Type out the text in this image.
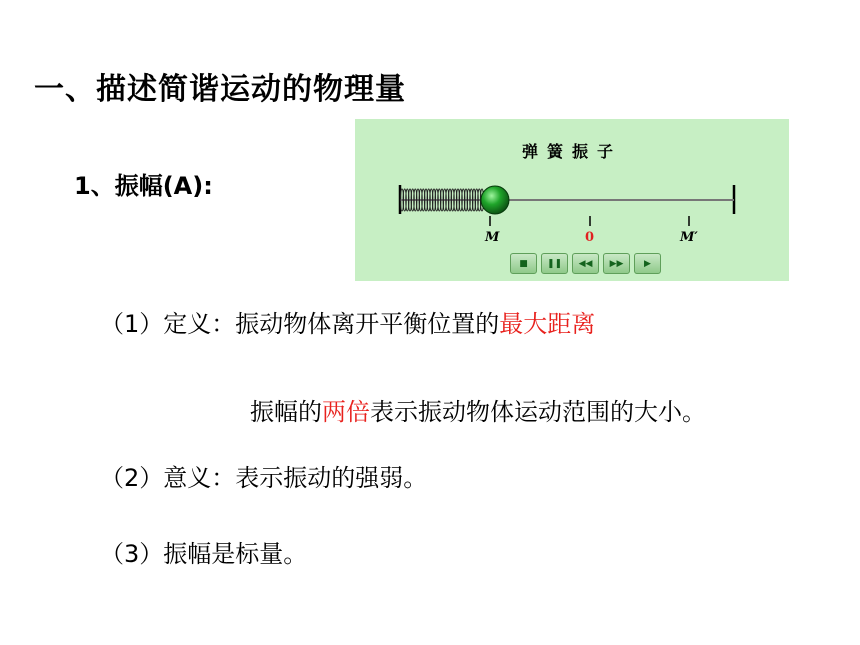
一、描述简谐运动的物理量
1、振幅(A):
弹簧振子
M	0	M′
■ ❚❚ ◀◀ ▶▶ ▶
（1）定义：振动物体离开平衡位置的最大距离
振幅的两倍表示振动物体运动范围的大小。
（2）意义：表示振动的强弱。
（3）振幅是标量。
